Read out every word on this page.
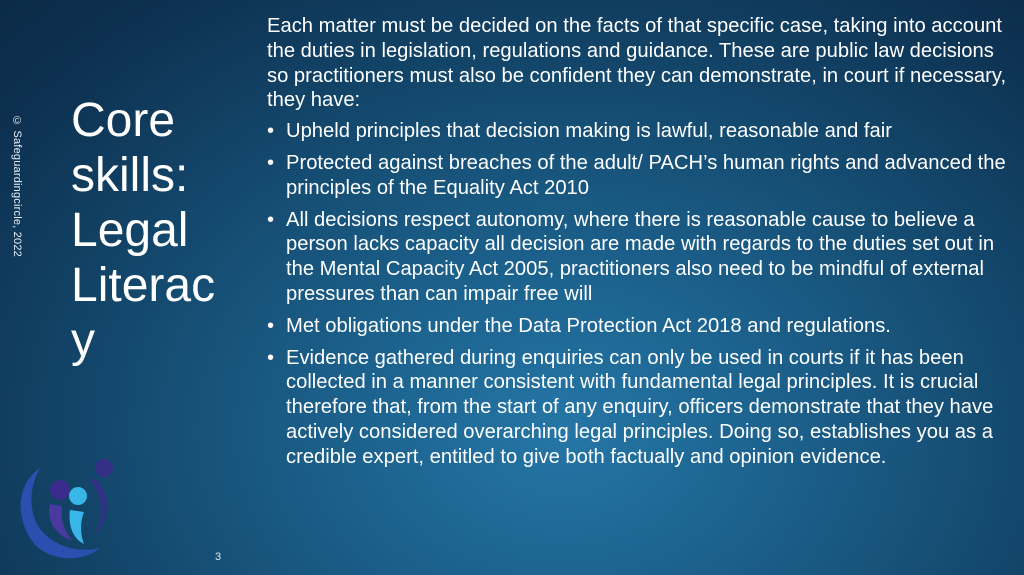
© Safeguardingcircle, 2022 Core
skills:
Legal
Literac
y
3

Each matter must be decided on the facts of that specific case, taking into account the duties in legislation, regulations and guidance. These are public law decisions so practitioners must also be confident they can demonstrate, in court if necessary, they have:

• Upheld principles that decision making is lawful, reasonable and fair
• Protected against breaches of the adult/ PACH’s human rights and advanced the principles of the Equality Act 2010
• All decisions respect autonomy, where there is reasonable cause to believe a person lacks capacity all decision are made with regards to the duties set out in the Mental Capacity Act 2005, practitioners also need to be mindful of external pressures than can impair free will
• Met obligations under the Data Protection Act 2018 and regulations.
• Evidence gathered during enquiries can only be used in courts if it has been collected in a manner consistent with fundamental legal principles. It is crucial therefore that, from the start of any enquiry, officers demonstrate that they have actively considered overarching legal principles. Doing so, establishes you as a credible expert, entitled to give both factually and opinion evidence.
